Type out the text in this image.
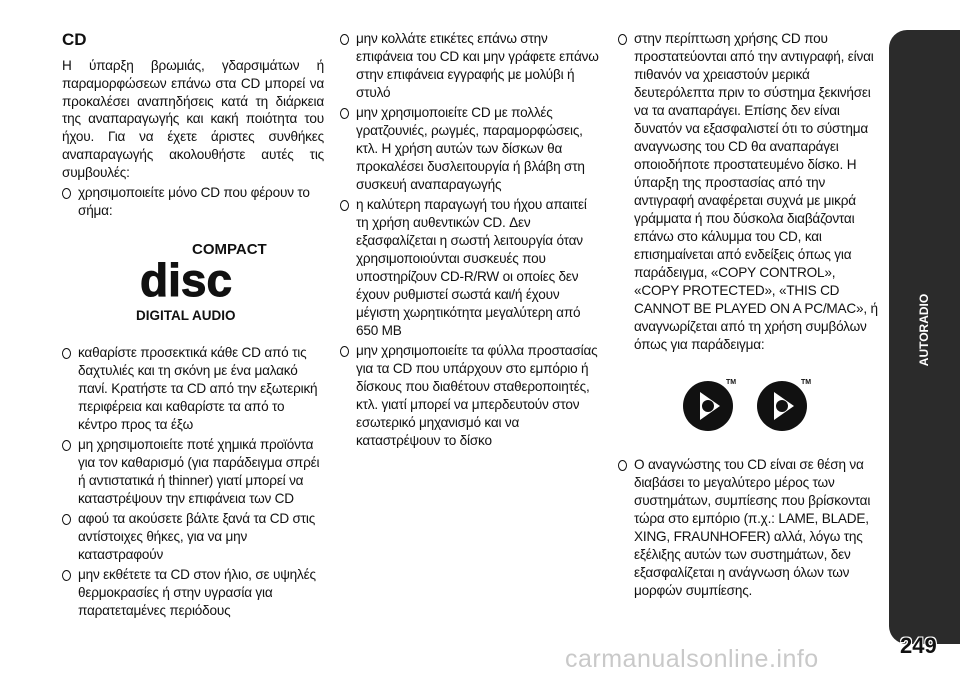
CD
Η ύπαρξη βρωμιάς, γδαρσιμάτων ή παραμορφώσεων επάνω στα CD μπορεί να προκαλέσει αναπηδήσεις κατά τη διάρκεια της αναπαραγωγής και κακή ποιότητα του ήχου. Για να έχετε άριστες συνθήκες αναπαραγωγής ακολουθήστε αυτές τις συμβουλές:
χρησιμοποιείτε μόνο CD που φέρουν το σήμα:
COMPACT
disc
DIGITAL AUDIO
καθαρίστε προσεκτικά κάθε CD από τις δαχτυλιές και τη σκόνη με ένα μαλακό πανί. Κρατήστε τα CD από την εξωτερική περιφέρεια και καθαρίστε τα από το κέντρο προς τα έξω
μη χρησιμοποιείτε ποτέ χημικά προϊόντα για τον καθαρισμό (για παράδειγμα σπρέι ή αντιστατικά ή thinner) γιατί μπορεί να καταστρέψουν την επιφάνεια των CD
αφού τα ακούσετε βάλτε ξανά τα CD στις αντίστοιχες θήκες, για να μην καταστραφούν
μην εκθέτετε τα CD στον ήλιο, σε υψηλές θερμοκρασίες ή στην υγρασία για παρατεταμένες περιόδους
μην κολλάτε ετικέτες επάνω στην επιφάνεια του CD και μην γράφετε επάνω στην επιφάνεια εγγραφής με μολύβι ή στυλό
μην χρησιμοποιείτε CD με πολλές γρατζουνιές, ρωγμές, παραμορφώσεις, κτλ. Η χρήση αυτών των δίσκων θα προκαλέσει δυσλειτουργία ή βλάβη στη συσκευή αναπαραγωγής
η καλύτερη παραγωγή του ήχου απαιτεί τη χρήση αυθεντικών CD. Δεν εξασφαλίζεται η σωστή λειτουργία όταν χρησιμοποιούνται συσκευές που υποστηρίζουν CD-R/RW οι οποίες δεν έχουν ρυθμιστεί σωστά και/ή έχουν μέγιστη χωρητικότητα μεγαλύτερη από 650 MB
μην χρησιμοποιείτε τα φύλλα προστασίας για τα CD που υπάρχουν στο εμπόριο ή δίσκους που διαθέτουν σταθεροποιητές, κτλ. γιατί μπορεί να μπερδευτούν στον εσωτερικό μηχανισμό και να καταστρέψουν το δίσκο
στην περίπτωση χρήσης CD που προστατεύονται από την αντιγραφή, είναι πιθανόν να χρειαστούν μερικά δευτερόλεπτα πριν το σύστημα ξεκινήσει να τα αναπαράγει. Επίσης δεν είναι δυνατόν να εξασφαλιστεί ότι το σύστημα αναγνωσης του CD θα αναπαράγει οποιοδήποτε προστατευμένο δίσκο. Η ύπαρξη της προστασίας από την αντιγραφή αναφέρεται συχνά με μικρά γράμματα ή που δύσκολα διαβάζονται επάνω στο κάλυμμα του CD, και επισημαίνεται από ενδείξεις όπως για παράδειγμα, «COPY CONTROL», «COPY PROTECTED», «THIS CD CANNOT BE PLAYED ON A PC/MAC», ή αναγνωρίζεται από τη χρήση συμβόλων όπως για παράδειγμα:
TM	TM
Ο αναγνώστης του CD είναι σε θέση να διαβάσει το μεγαλύτερο μέρος των συστημάτων, συμπίεσης που βρίσκονται τώρα στο εμπόριο (π.χ.: LAME, BLADE, XING, FRAUNHOFER) αλλά, λόγω της εξέλιξης αυτών των συστημάτων, δεν εξασφαλίζεται η ανάγνωση όλων των μορφών συμπίεσης.
AUTORADIO
249
carmanualsonline.info
